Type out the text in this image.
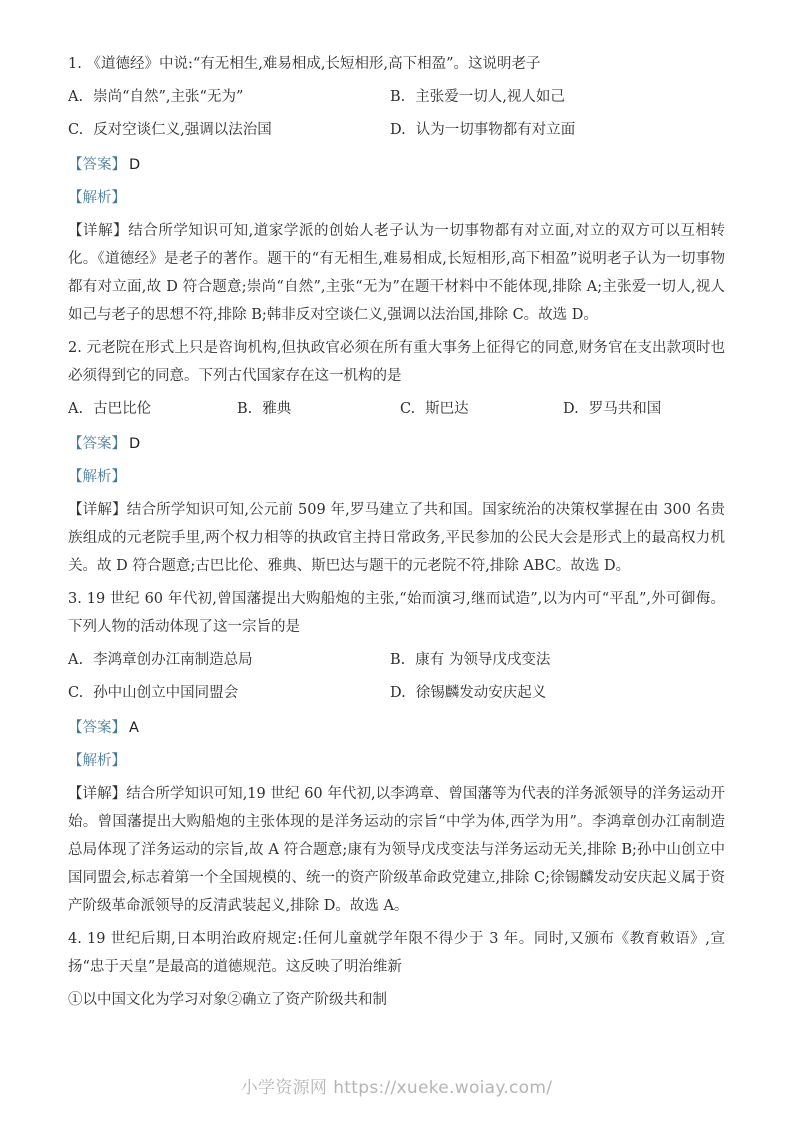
1. 《道德经》中说:“有无相生,难易相成,长短相形,高下相盈”。这说明老子

A. 崇尚“自然”,主张“无为”	B. 主张爱一切人,视人如己
C. 反对空谈仁义,强调以法治国	D. 认为一切事物都有对立面
【答案】 D
【解析】

【详解】结合所学知识可知,道家学派的创始人老子认为一切事物都有对立面,对立的双方可以互相转化。《道德经》是老子的著作。题干的“有无相生,难易相成,长短相形,高下相盈”说明老子认为一切事物都有对立面,故 D 符合题意;崇尚“自然”,主张“无为”在题干材料中不能体现,排除 A;主张爱一切人,视人如己与老子的思想不符,排除 B;韩非反对空谈仁义,强调以法治国,排除 C。故选 D。

2. 元老院在形式上只是咨询机构,但执政官必须在所有重大事务上征得它的同意,财务官在支出款项时也必须得到它的同意。下列古代国家存在这一机构的是

A. 古巴比伦	B. 雅典	C. 斯巴达	D. 罗马共和国
【答案】 D
【解析】

【详解】结合所学知识可知,公元前 509 年,罗马建立了共和国。国家统治的决策权掌握在由 300 名贵族组成的元老院手里,两个权力相等的执政官主持日常政务,平民参加的公民大会是形式上的最高权力机关。故 D 符合题意;古巴比伦、雅典、斯巴达与题干的元老院不符,排除 ABC。故选 D。

3. 19 世纪 60 年代初,曾国藩提出大购船炮的主张,“始而演习,继而试造”,以为内可“平乱”,外可御侮。下列人物的活动体现了这一宗旨的是

A. 李鸿章创办江南制造总局	B. 康有 为领导戊戌变法
C. 孙中山创立中国同盟会	D. 徐锡麟发动安庆起义
【答案】 A
【解析】

【详解】结合所学知识可知,19 世纪 60 年代初,以李鸿章、曾国藩等为代表的洋务派领导的洋务运动开始。曾国藩提出大购船炮的主张体现的是洋务运动的宗旨“中学为体,西学为用”。李鸿章创办江南制造总局体现了洋务运动的宗旨,故 A 符合题意;康有为领导戊戌变法与洋务运动无关,排除 B;孙中山创立中国同盟会,标志着第一个全国规模的、统一的资产阶级革命政党建立,排除 C;徐锡麟发动安庆起义属于资产阶级革命派领导的反清武装起义,排除 D。故选 A。

4. 19 世纪后期,日本明治政府规定:任何儿童就学年限不得少于 3 年。同时,又颁布《教育敕语》,宣扬“忠于天皇”是最高的道德规范。这反映了明治维新

①以中国文化为学习对象②确立了资产阶级共和制
小学资源网 https://xueke.woiay.com/
